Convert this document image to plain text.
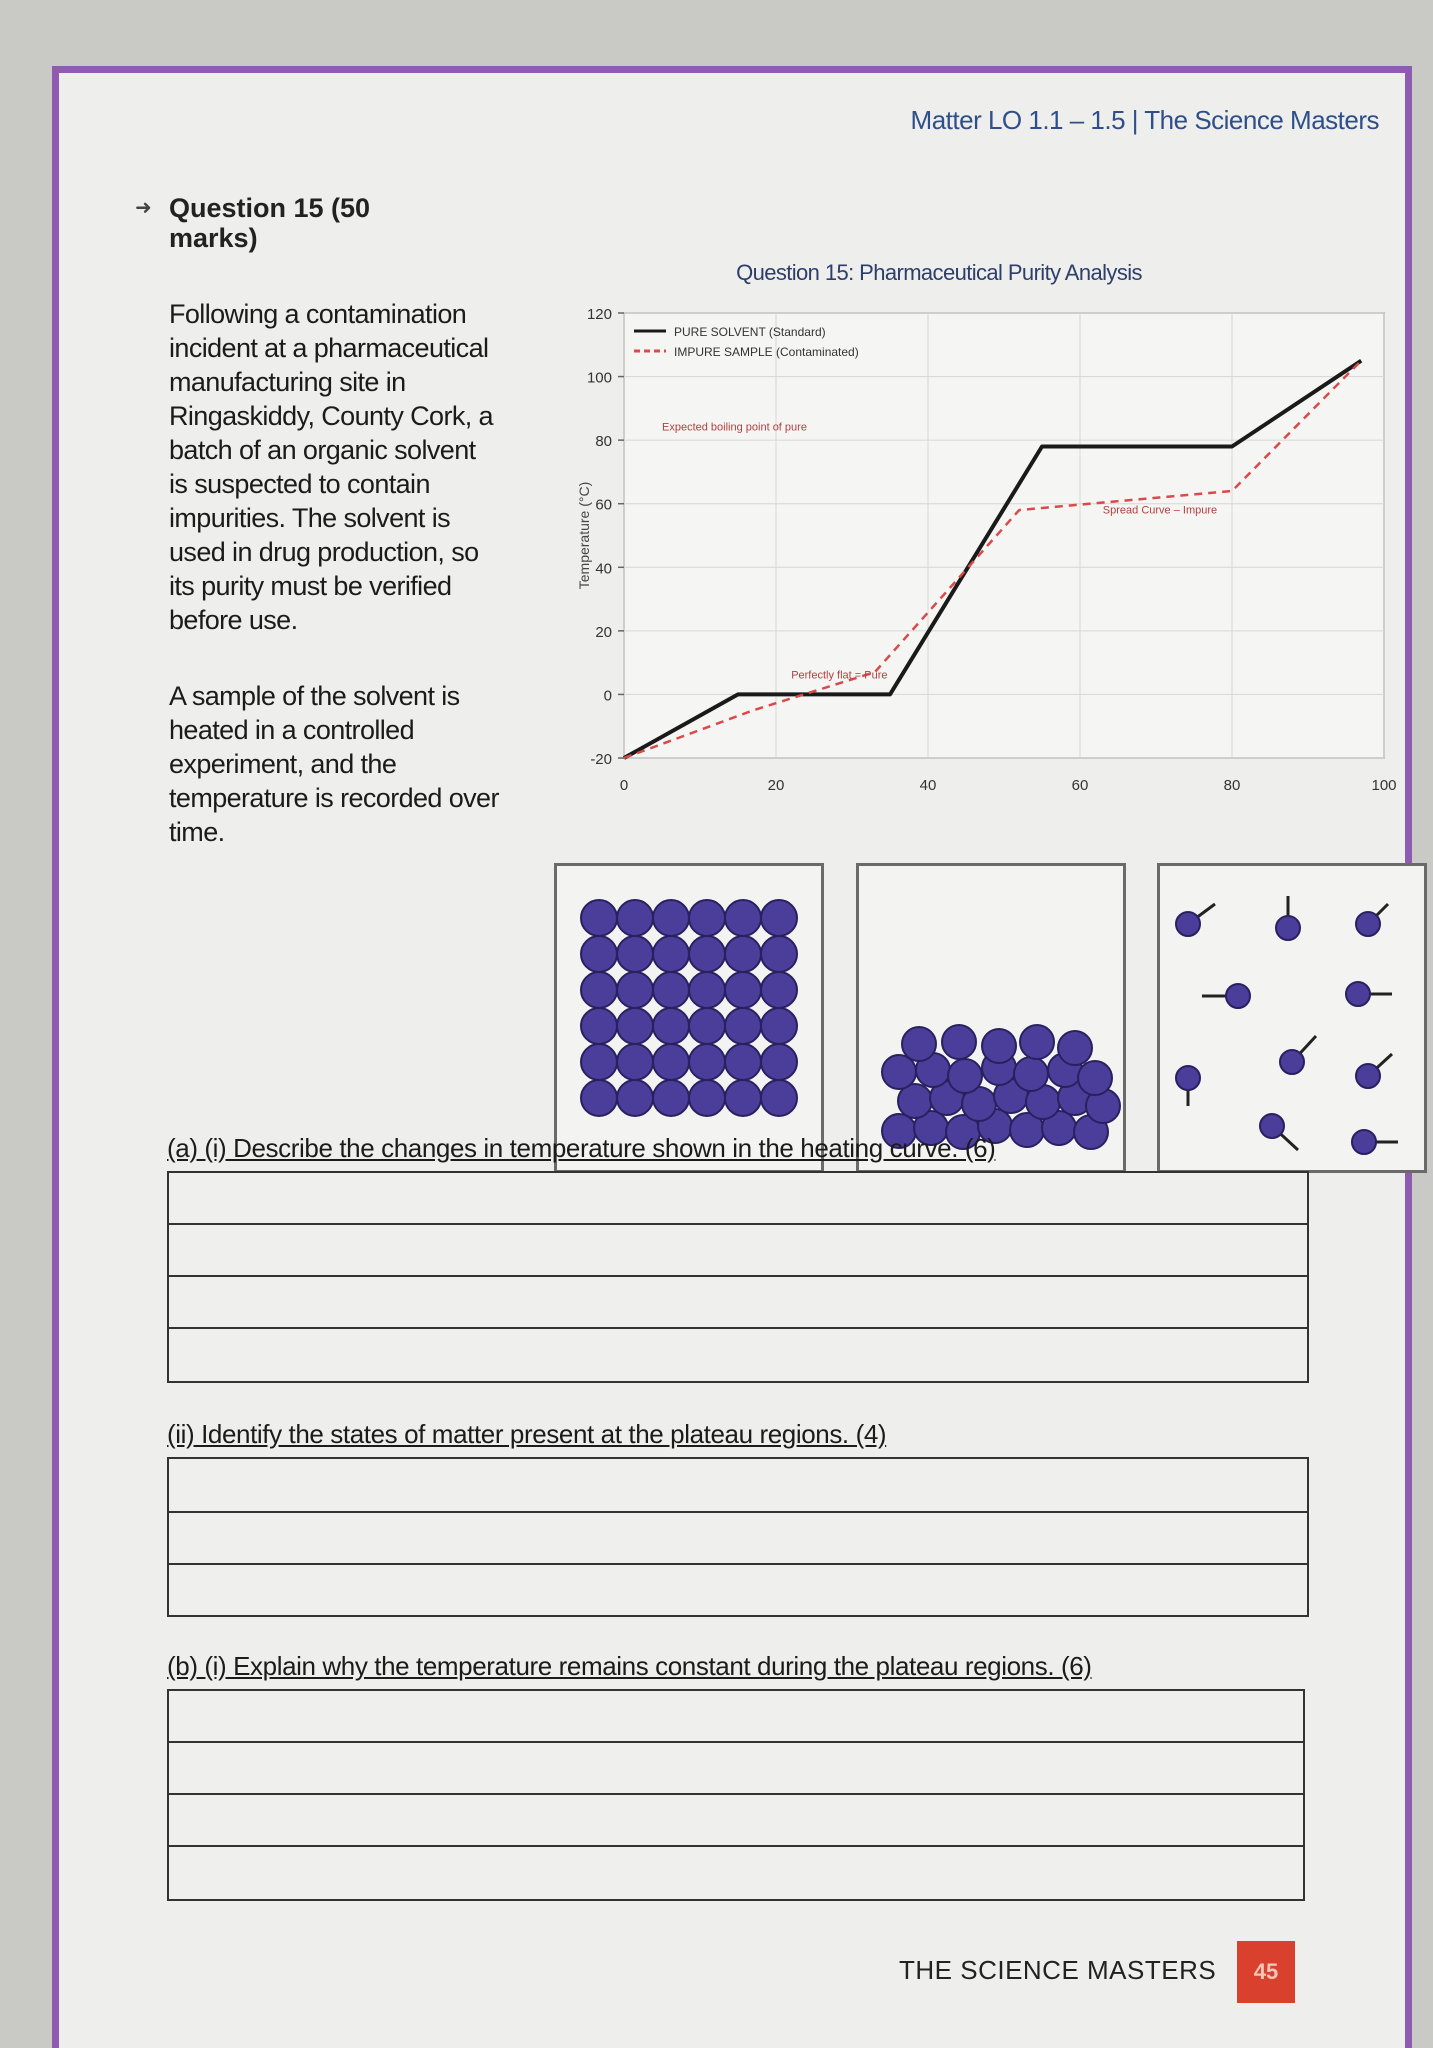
Matter LO 1.1 – 1.5 | The Science Masters
➜ Question 15 (50 marks)

Following a contamination incident at a pharmaceutical manufacturing site in Ringaskiddy, County Cork, a batch of an organic solvent is suspected to contain impurities. The solvent is used in drug production, so its purity must be verified before use.

A sample of the solvent is heated in a controlled experiment, and the temperature is recorded over time.

Question 15: Pharmaceutical Purity Analysis
-20
0
20
40
60
80
100
120
0	20	40	60	80	100
Temperature (°C)
PURE SOLVENT (Standard)
IMPURE SAMPLE (Contaminated)
Expected boiling point of pure
Spread Curve – Impure
Perfectly flat = Pure
(a) (i) Describe the changes in temperature shown in the heating curve. (6)
(ii) Identify the states of matter present at the plateau regions. (4)
(b) (i) Explain why the temperature remains constant during the plateau regions. (6)
THE SCIENCE MASTERS	45
